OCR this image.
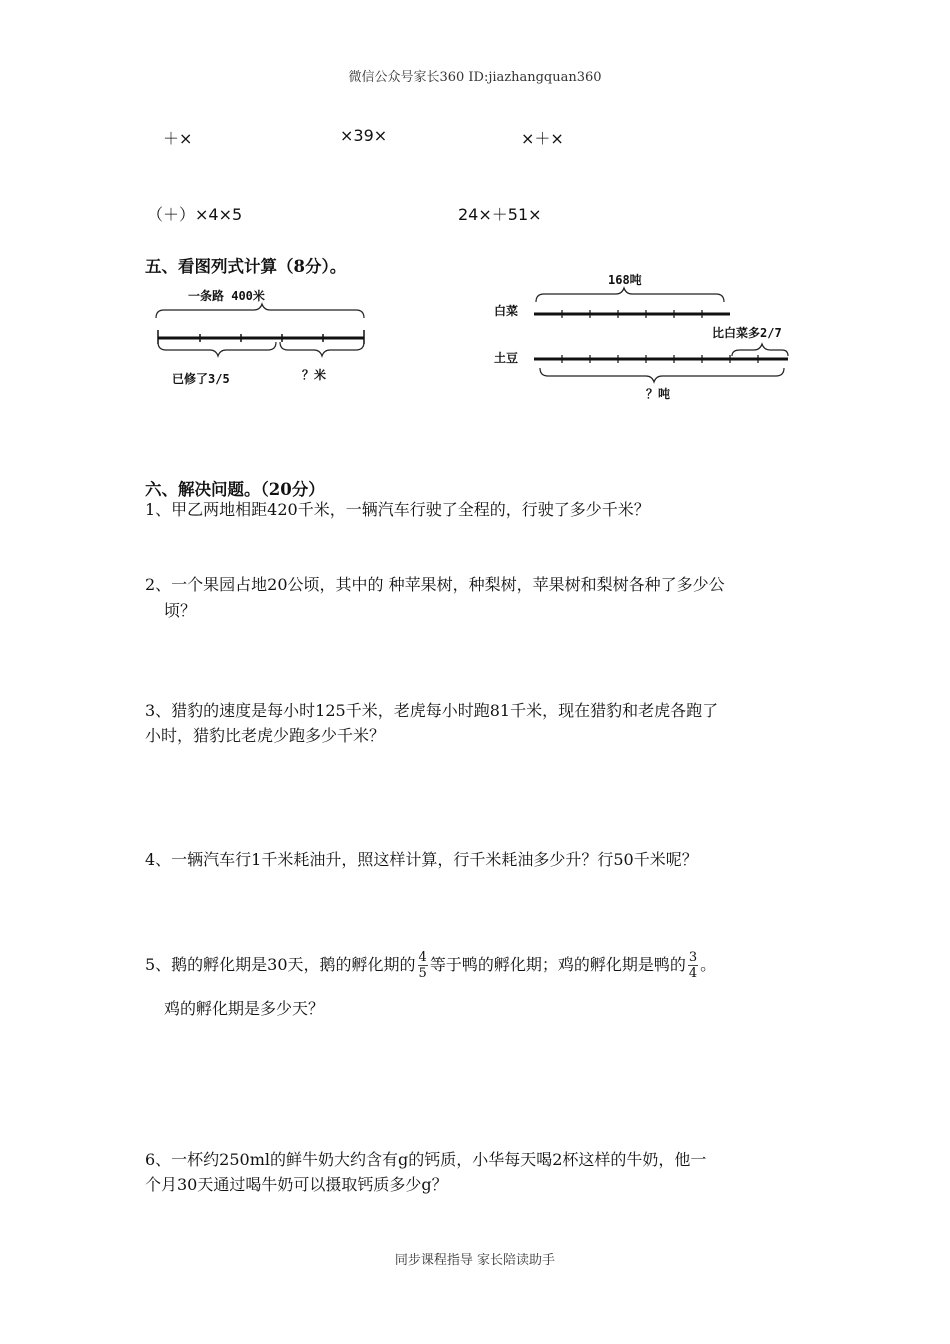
微信公众号家长360 ID:jiazhangquan360
＋×	×39×	×＋×
（＋）×4×5	24×＋51×
五、看图列式计算（8分）。
一条路 400米
已修了3/5	？米
168吨
白菜
比白菜多2/7
土豆
？吨
六、解决问题。（20分）
1、甲乙两地相距420千米，一辆汽车行驶了全程的，行驶了多少千米？
2、一个果园占地20公顷，其中的 种苹果树，种梨树，苹果树和梨树各种了多少公
顷？
3、猎豹的速度是每小时125千米，老虎每小时跑81千米，现在猎豹和老虎各跑了
小时，猎豹比老虎少跑多少千米？
4、一辆汽车行1千米耗油升，照这样计算，行千米耗油多少升？行50千米呢？
5、鹅的孵化期是30天，鹅的孵化期的 $\frac{4}{5}$ 等于鸭的孵化期；鸡的孵化期是鸭的 $\frac{3}{4}$ 。
鸡的孵化期是多少天？
6、一杯约250ml的鲜牛奶大约含有g的钙质，小华每天喝2杯这样的牛奶，他一
个月30天通过喝牛奶可以摄取钙质多少g？
同步课程指导 家长陪读助手
